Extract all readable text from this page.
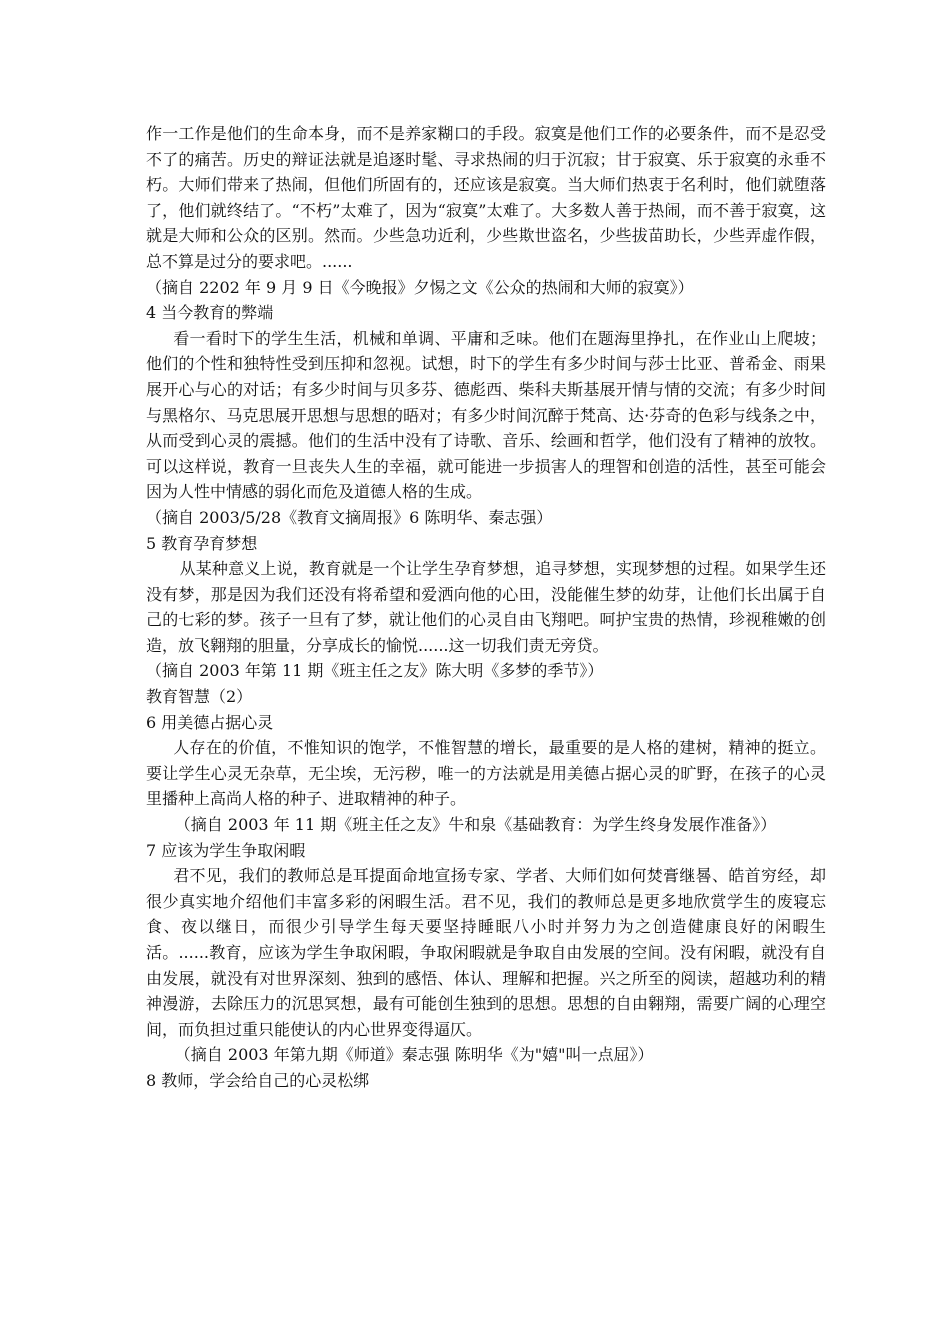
作一工作是他们的生命本身，而不是养家糊口的手段。寂寞是他们工作的必要条件，而不是忍受不了的痛苦。历史的辩证法就是追逐时髦、寻求热闹的归于沉寂；甘于寂寞、乐于寂寞的永垂不朽。大师们带来了热闹，但他们所固有的，还应该是寂寞。当大师们热衷于名利时，他们就堕落了，他们就终结了。“不朽”太难了，因为“寂寞”太难了。大多数人善于热闹，而不善于寂寞，这就是大师和公众的区别。然而。少些急功近利，少些欺世盗名，少些拔苗助长，少些弄虚作假，总不算是过分的要求吧。......

（摘自 2202 年 9 月 9 日《今晚报》夕惕之文《公众的热闹和大师的寂寞》）

4 当今教育的弊端

看一看时下的学生生活，机械和单调、平庸和乏味。他们在题海里挣扎，在作业山上爬坡；他们的个性和独特性受到压抑和忽视。试想，时下的学生有多少时间与莎士比亚、普希金、雨果展开心与心的对话；有多少时间与贝多芬、德彪西、柴科夫斯基展开情与情的交流；有多少时间与黑格尔、马克思展开思想与思想的晤对；有多少时间沉醉于梵高、达·芬奇的色彩与线条之中，从而受到心灵的震撼。他们的生活中没有了诗歌、音乐、绘画和哲学，他们没有了精神的放牧。可以这样说，教育一旦丧失人生的幸福，就可能进一步损害人的理智和创造的活性，甚至可能会因为人性中情感的弱化而危及道德人格的生成。

（摘自 2003/5/28《教育文摘周报》6 陈明华、秦志强）

5 教育孕育梦想

从某种意义上说，教育就是一个让学生孕育梦想，追寻梦想，实现梦想的过程。如果学生还没有梦，那是因为我们还没有将希望和爱洒向他的心田，没能催生梦的幼芽，让他们长出属于自己的七彩的梦。孩子一旦有了梦，就让他们的心灵自由飞翔吧。呵护宝贵的热情，珍视稚嫩的创造，放飞翱翔的胆量，分享成长的愉悦......这一切我们责无旁贷。

（摘自 2003 年第 11 期《班主任之友》陈大明《多梦的季节》）

教育智慧（2）

6 用美德占据心灵

人存在的价值，不惟知识的饱学，不惟智慧的增长，最重要的是人格的建树，精神的挺立。要让学生心灵无杂草，无尘埃，无污秽，唯一的方法就是用美德占据心灵的旷野，在孩子的心灵里播种上高尚人格的种子、进取精神的种子。

（摘自 2003 年 11 期《班主任之友》牛和泉《基础教育：为学生终身发展作准备》）

7 应该为学生争取闲暇

君不见，我们的教师总是耳提面命地宣扬专家、学者、大师们如何焚膏继晷、皓首穷经，却很少真实地介绍他们丰富多彩的闲暇生活。君不见，我们的教师总是更多地欣赏学生的废寝忘食、夜以继日，而很少引导学生每天要坚持睡眠八小时并努力为之创造健康良好的闲暇生活。......教育，应该为学生争取闲暇，争取闲暇就是争取自由发展的空间。没有闲暇，就没有自由发展，就没有对世界深刻、独到的感悟、体认、理解和把握。兴之所至的阅读，超越功利的精神漫游，去除压力的沉思冥想，最有可能创生独到的思想。思想的自由翱翔，需要广阔的心理空间，而负担过重只能使认的内心世界变得逼仄。

（摘自 2003 年第九期《师道》秦志强 陈明华《为"嬉"叫一点屈》）

8 教师，学会给自己的心灵松绑
